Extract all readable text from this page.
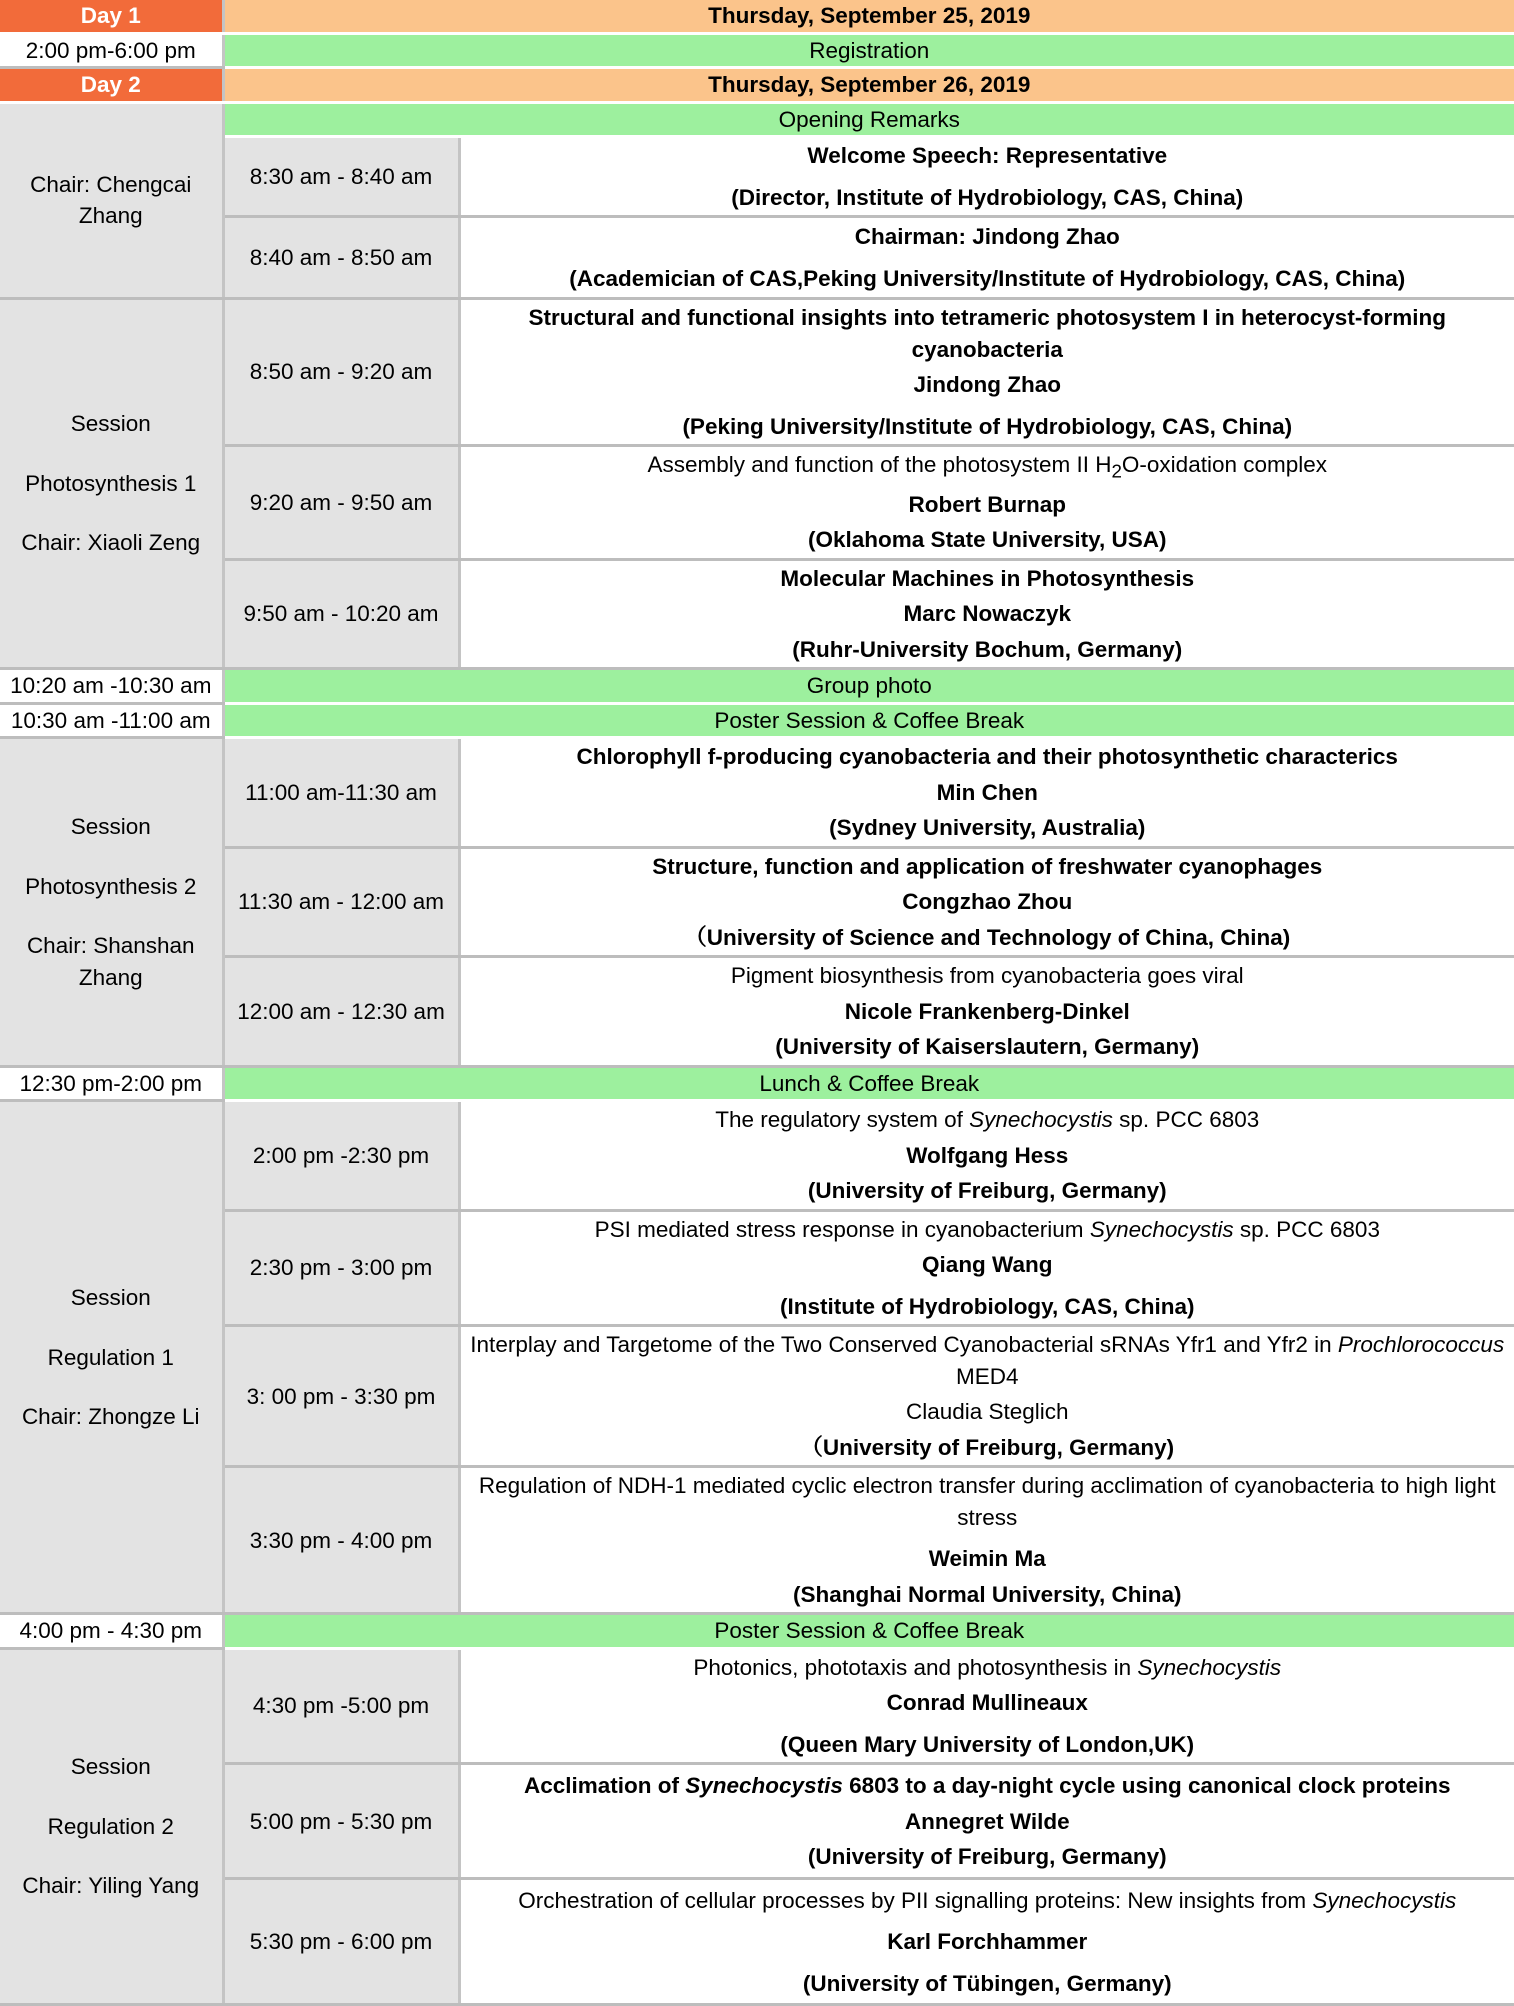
Day 1	Thursday, September 25, 2019	
2:00 pm-6:00 pm	Registration	
Day 2	Thursday, September 26, 2019	
Chair: Chengcai Zhang	Opening Remarks	
	8:30 am - 8:40 am	Welcome Speech: Representative
(Director, Institute of Hydrobiology, CAS, China)

	8:40 am - 8:50 am	Chairman: Jindong Zhao
(Academician of CAS,Peking University/Institute of Hydrobiology, CAS, China)

Session
Photosynthesis 1
Chair: Xiaoli Zeng	8:50 am - 9:20 am	Structural and functional insights into tetrameric photosystem I in heterocyst-forming cyanobacteria
Jindong Zhao
(Peking University/Institute of Hydrobiology, CAS, China)

	9:20 am - 9:50 am	Assembly and function of the photosystem II $H_2O$-oxidation complex
Robert Burnap
(Oklahoma State University, USA)

	9:50 am - 10:20 am	Molecular Machines in Photosynthesis
Marc Nowaczyk
(Ruhr-University Bochum, Germany)

10:20 am -10:30 am	Group photo	
10:30 am -11:00 am	Poster Session & Coffee Break	

Session
Photosynthesis 2
Chair: Shanshan Zhang	11:00 am-11:30 am	Chlorophyll f-producing cyanobacteria and their photosynthetic characterics
Min Chen
(Sydney University, Australia)

	11:30 am - 12:00 am	Structure, function and application of freshwater cyanophages
Congzhao Zhou
（University of Science and Technology of China, China)

	12:00 am - 12:30 am	Pigment biosynthesis from cyanobacteria goes viral
Nicole Frankenberg-Dinkel
(University of Kaiserslautern, Germany)

12:30 pm-2:00 pm	Lunch & Coffee Break	

Session
Regulation 1
Chair: Zhongze Li	2:00 pm -2:30 pm	The regulatory system of Synechocystis sp. PCC 6803
Wolfgang Hess
(University of Freiburg, Germany)

	2:30 pm - 3:00 pm	PSI mediated stress response in cyanobacterium Synechocystis sp. PCC 6803
Qiang Wang
(Institute of Hydrobiology, CAS, China)

	3: 00 pm - 3:30 pm	Interplay and Targetome of the Two Conserved Cyanobacterial sRNAs Yfr1 and Yfr2 in Prochlorococcus MED4
Claudia Steglich
（University of Freiburg, Germany)

	3:30 pm - 4:00 pm	Regulation of NDH-1 mediated cyclic electron transfer during acclimation of cyanobacteria to high light stress
Weimin Ma
(Shanghai Normal University, China)

4:00 pm - 4:30 pm	Poster Session & Coffee Break	

Session
Regulation 2
Chair: Yiling Yang	4:30 pm -5:00 pm	Photonics, phototaxis and photosynthesis in Synechocystis
Conrad Mullineaux
(Queen Mary University of London,UK)

	5:00 pm - 5:30 pm	Acclimation of Synechocystis 6803 to a day-night cycle using canonical clock proteins
Annegret Wilde
(University of Freiburg, Germany)

	5:30 pm - 6:00 pm	Orchestration of cellular processes by PII signalling proteins: New insights from Synechocystis
Karl Forchhammer
(University of Tübingen, Germany)
